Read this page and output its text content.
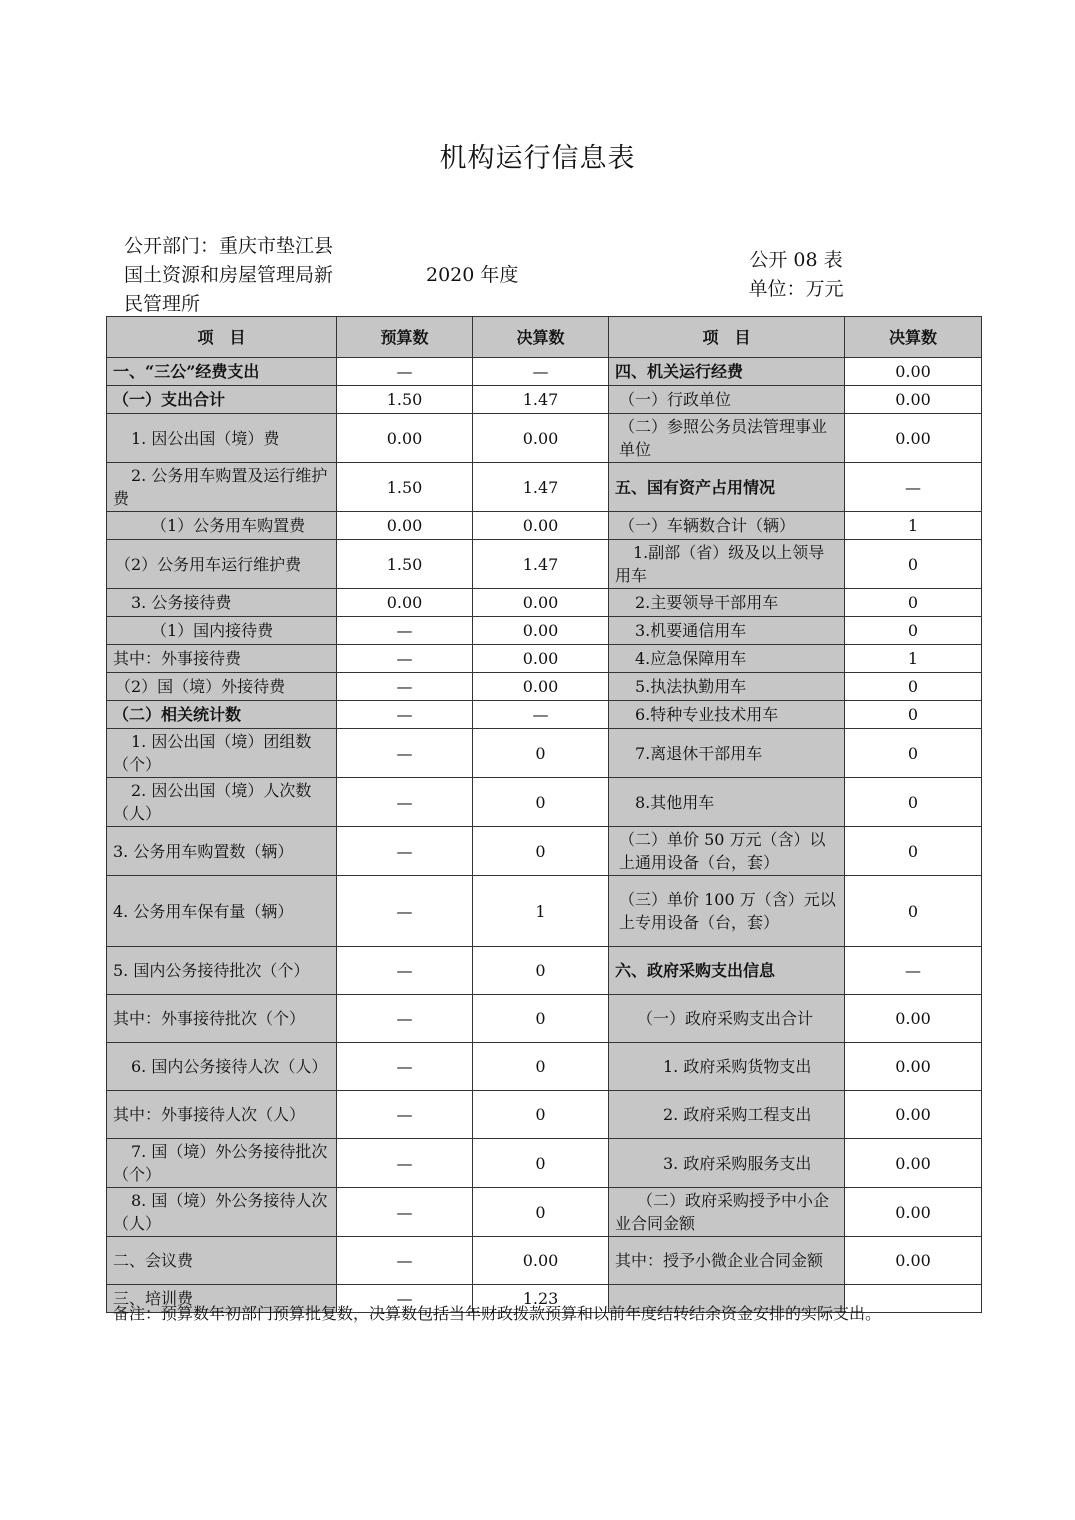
机构运行信息表
公开部门：重庆市垫江县国土资源和房屋管理局新民管理所
2020 年度
公开 08 表
单位：万元
项　目	预算数	决算数	项　目	决算数
一、“三公”经费支出	—	—	四、机关运行经费	0.00
（一）支出合计	1.50	1.47	（一）行政单位	0.00
1. 因公出国（境）费	0.00	0.00	（二）参照公务员法管理事业单位	0.00
2. 公务用车购置及运行维护费	1.50	1.47	五、国有资产占用情况	—
（1）公务用车购置费	0.00	0.00	（一）车辆数合计（辆）	1
（2）公务用车运行维护费	1.50	1.47	1.副部（省）级及以上领导用车	0
3. 公务接待费	0.00	0.00	2.主要领导干部用车	0
（1）国内接待费	—	0.00	3.机要通信用车	0
其中：外事接待费	—	0.00	4.应急保障用车	1
（2）国（境）外接待费	—	0.00	5.执法执勤用车	0
（二）相关统计数	—	—	6.特种专业技术用车	0
1. 因公出国（境）团组数（个）	—	0	7.离退休干部用车	0
2. 因公出国（境）人次数（人）	—	0	8.其他用车	0
3. 公务用车购置数（辆）	—	0	（二）单价 50 万元（含）以上通用设备（台，套）	0
4. 公务用车保有量（辆）	—	1	（三）单价 100 万（含）元以上专用设备（台，套）	0
5. 国内公务接待批次（个）	—	0	六、政府采购支出信息	—
其中：外事接待批次（个）	—	0	（一）政府采购支出合计	0.00
6. 国内公务接待人次（人）	—	0	1. 政府采购货物支出	0.00
其中：外事接待人次（人）	—	0	2. 政府采购工程支出	0.00
7. 国（境）外公务接待批次（个）	—	0	3. 政府采购服务支出	0.00
8. 国（境）外公务接待人次（人）	—	0	（二）政府采购授予中小企业合同金额	0.00
二、会议费	—	0.00	其中：授予小微企业合同金额	0.00
三、培训费	—	1.23		
备注：预算数年初部门预算批复数，决算数包括当年财政拨款预算和以前年度结转结余资金安排的实际支出。
